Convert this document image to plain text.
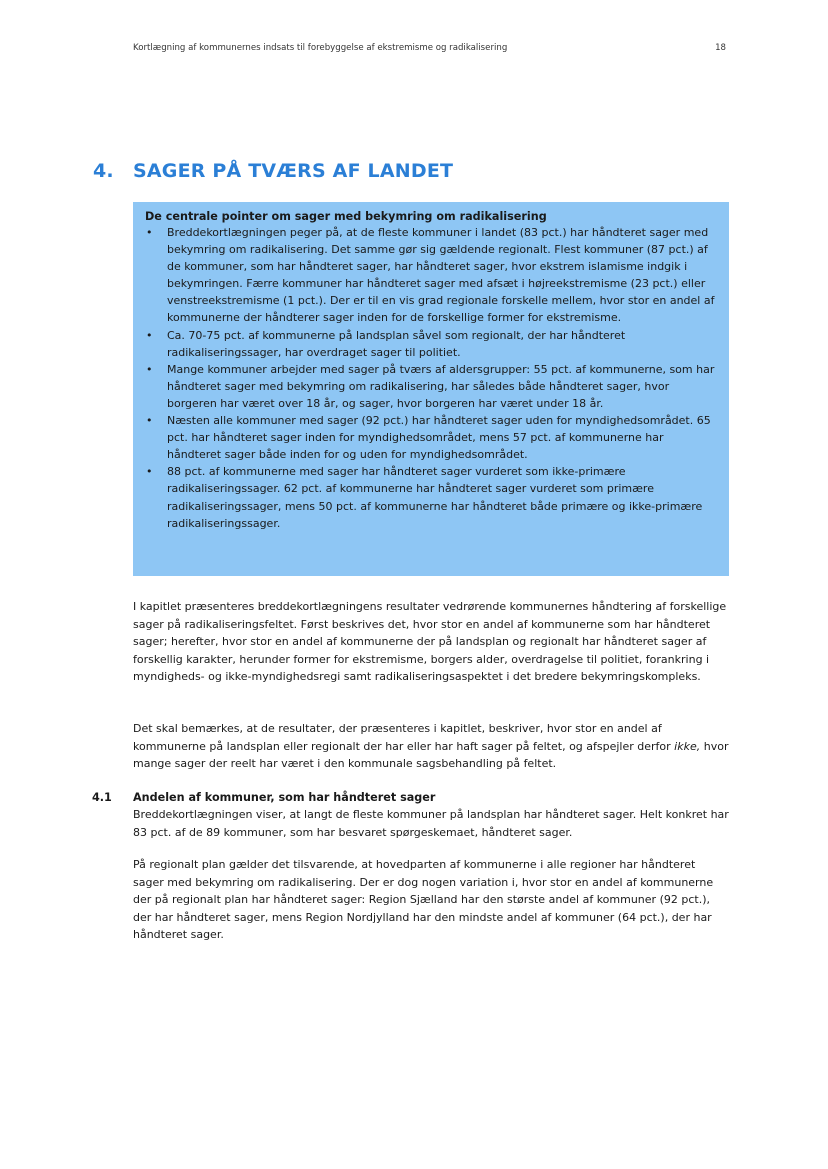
Kortlægning af kommunernes indsats til forebyggelse af ekstremisme og radikalisering	18
4. SAGER PÅ TVÆRS AF LANDET
De centrale pointer om sager med bekymring om radikalisering
• Breddekortlægningen peger på, at de fleste kommuner i landet (83 pct.) har håndteret sager med bekymring om radikalisering. Det samme gør sig gældende regionalt. Flest kommuner (87 pct.) af de kommuner, som har håndteret sager, har håndteret sager, hvor ekstrem islamisme indgik i bekymringen. Færre kommuner har håndteret sager med afsæt i højreekstremisme (23 pct.) eller venstreekstremisme (1 pct.). Der er til en vis grad regionale forskelle mellem, hvor stor en andel af kommunerne der håndterer sager inden for de forskellige former for ekstremisme.
• Ca. 70-75 pct. af kommunerne på landsplan såvel som regionalt, der har håndteret radikaliseringssager, har overdraget sager til politiet.
• Mange kommuner arbejder med sager på tværs af aldersgrupper: 55 pct. af kommunerne, som har håndteret sager med bekymring om radikalisering, har således både håndteret sager, hvor borgeren har været over 18 år, og sager, hvor borgeren har været under 18 år.
• Næsten alle kommuner med sager (92 pct.) har håndteret sager uden for myndighedsområdet. 65 pct. har håndteret sager inden for myndighedsområdet, mens 57 pct. af kommunerne har håndteret sager både inden for og uden for myndighedsområdet.
• 88 pct. af kommunerne med sager har håndteret sager vurderet som ikke-primære radikaliseringssager. 62 pct. af kommunerne har håndteret sager vurderet som primære radikaliseringssager, mens 50 pct. af kommunerne har håndteret både primære og ikke-primære radikaliseringssager.

I kapitlet præsenteres breddekortlægningens resultater vedrørende kommunernes håndtering af forskellige sager på radikaliseringsfeltet. Først beskrives det, hvor stor en andel af kommunerne som har håndteret sager; herefter, hvor stor en andel af kommunerne der på landsplan og regionalt har håndteret sager af forskellig karakter, herunder former for ekstremisme, borgers alder, overdragelse til politiet, forankring i myndigheds- og ikke-myndighedsregi samt radikaliseringsaspektet i det bredere bekymringskompleks.

Det skal bemærkes, at de resultater, der præsenteres i kapitlet, beskriver, hvor stor en andel af kommunerne på landsplan eller regionalt der har eller har haft sager på feltet, og afspejler derfor ikke, hvor mange sager der reelt har været i den kommunale sagsbehandling på feltet.

4.1 Andelen af kommuner, som har håndteret sager

Breddekortlægningen viser, at langt de fleste kommuner på landsplan har håndteret sager. Helt konkret har 83 pct. af de 89 kommuner, som har besvaret spørgeskemaet, håndteret sager.

På regionalt plan gælder det tilsvarende, at hovedparten af kommunerne i alle regioner har håndteret sager med bekymring om radikalisering. Der er dog nogen variation i, hvor stor en andel af kommunerne der på regionalt plan har håndteret sager: Region Sjælland har den største andel af kommuner (92 pct.), der har håndteret sager, mens Region Nordjylland har den mindste andel af kommuner (64 pct.), der har håndteret sager.
